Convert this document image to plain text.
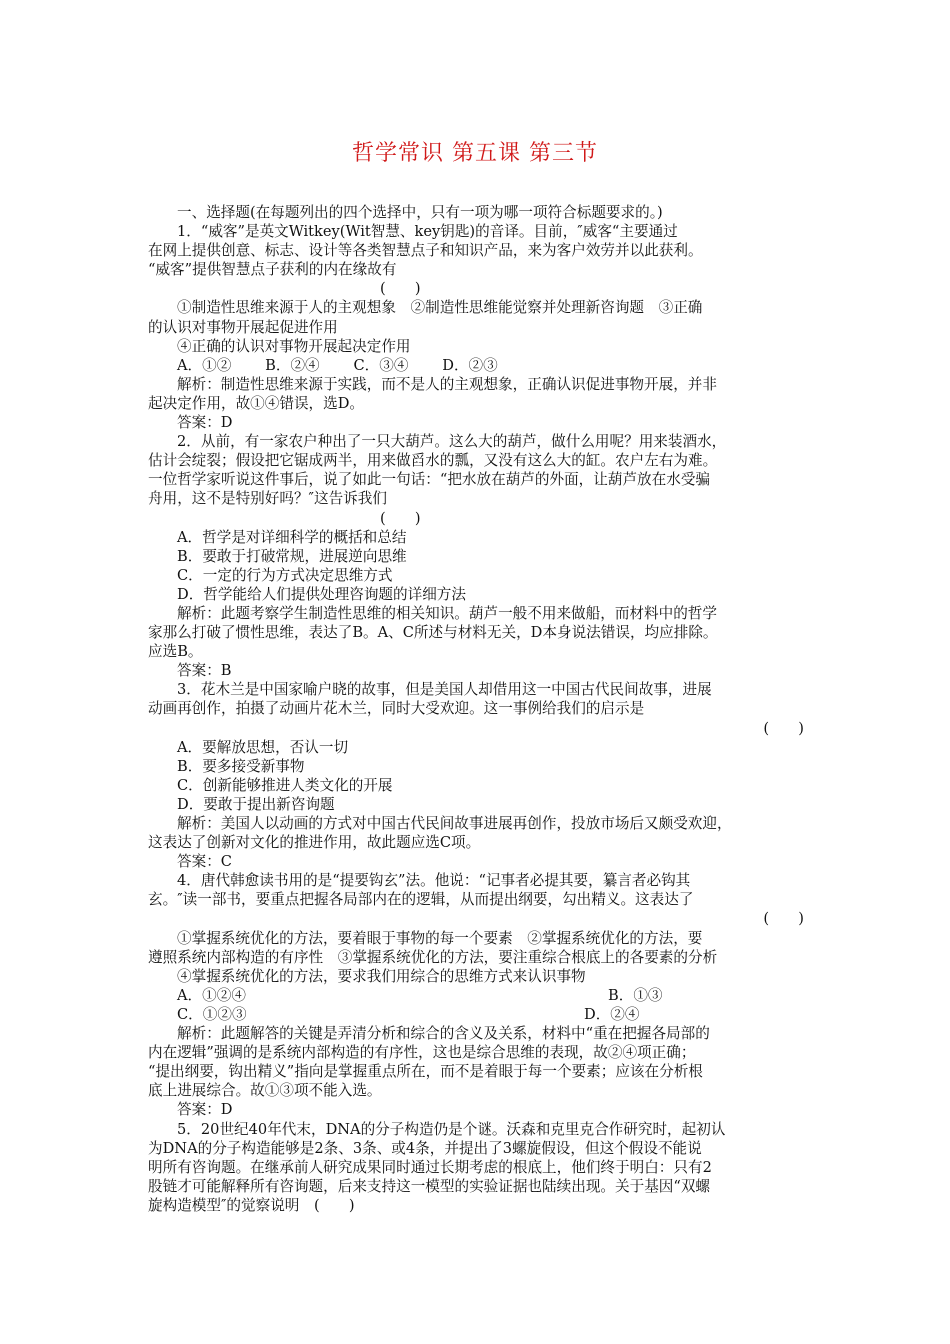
哲学常识 第五课 第三节

一、选择题(在每题列出的四个选择中，只有一项为哪一项符合标题要求的。)

1．“威客”是英文Witkey(Wit智慧、key钥匙)的音译。目前，″威客“主要通过

在网上提供创意、标志、设计等各类智慧点子和知识产品，来为客户效劳并以此获利。

“威客”提供智慧点子获利的内在缘故有

(　　)

①制造性思维来源于人的主观想象　②制造性思维能觉察并处理新咨询题　③正确

的认识对事物开展起促进作用

④正确的认识对事物开展起决定作用

A．①②　　 B．②④　　 C．③④　　 D．②③

解析：制造性思维来源于实践，而不是人的主观想象，正确认识促进事物开展，并非

起决定作用，故①④错误，选D。

答案：D

2．从前，有一家农户种出了一只大葫芦。这么大的葫芦，做什么用呢？用来装酒水，

估计会绽裂；假设把它锯成两半，用来做舀水的瓢，又没有这么大的缸。农户左右为难。

一位哲学家听说这件事后，说了如此一句话：“把水放在葫芦的外面，让葫芦放在水受骗

舟用，这不是特别好吗？″这告诉我们

(　　)

A．哲学是对详细科学的概括和总结

B．要敢于打破常规，进展逆向思维

C．一定的行为方式决定思维方式

D．哲学能给人们提供处理咨询题的详细方法

解析：此题考察学生制造性思维的相关知识。葫芦一般不用来做船，而材料中的哲学

家那么打破了惯性思维，表达了B。A、C所述与材料无关，D本身说法错误，均应排除。

应选B。

答案：B

3．花木兰是中国家喻户晓的故事，但是美国人却借用这一中国古代民间故事，进展

动画再创作，拍摄了动画片花木兰，同时大受欢迎。这一事例给我们的启示是

(　　)

A．要解放思想，否认一切

B．要多接受新事物

C．创新能够推进人类文化的开展

D．要敢于提出新咨询题

解析：美国人以动画的方式对中国古代民间故事进展再创作，投放市场后又颇受欢迎，

这表达了创新对文化的推进作用，故此题应选C项。

答案：C

4．唐代韩愈读书用的是“提要钩玄”法。他说：“记事者必提其要，纂言者必钩其

玄。″读一部书，要重点把握各局部内在的逻辑，从而提出纲要，勾出精义。这表达了

(　　)

①掌握系统优化的方法，要着眼于事物的每一个要素　②掌握系统优化的方法，要

遵照系统内部构造的有序性　③掌握系统优化的方法，要注重综合根底上的各要素的分析

④掌握系统优化的方法，要求我们用综合的思维方式来认识事物

A．①②④	B．①③
C．①②③	D．②④

解析：此题解答的关键是弄清分析和综合的含义及关系，材料中“重在把握各局部的

内在逻辑”强调的是系统内部构造的有序性，这也是综合思维的表现，故②④项正确；

“提出纲要，钩出精义”指向是掌握重点所在，而不是着眼于每一个要素；应该在分析根

底上进展综合。故①③项不能入选。

答案：D

5．20世纪40年代末，DNA的分子构造仍是个谜。沃森和克里克合作研究时，起初认

为DNA的分子构造能够是2条、3条、或4条，并提出了3螺旋假设，但这个假设不能说

明所有咨询题。在继承前人研究成果同时通过长期考虑的根底上，他们终于明白：只有2

股链才可能解释所有咨询题，后来支持这一模型的实验证据也陆续出现。关于基因“双螺

旋构造模型″的觉察说明　(　　)
